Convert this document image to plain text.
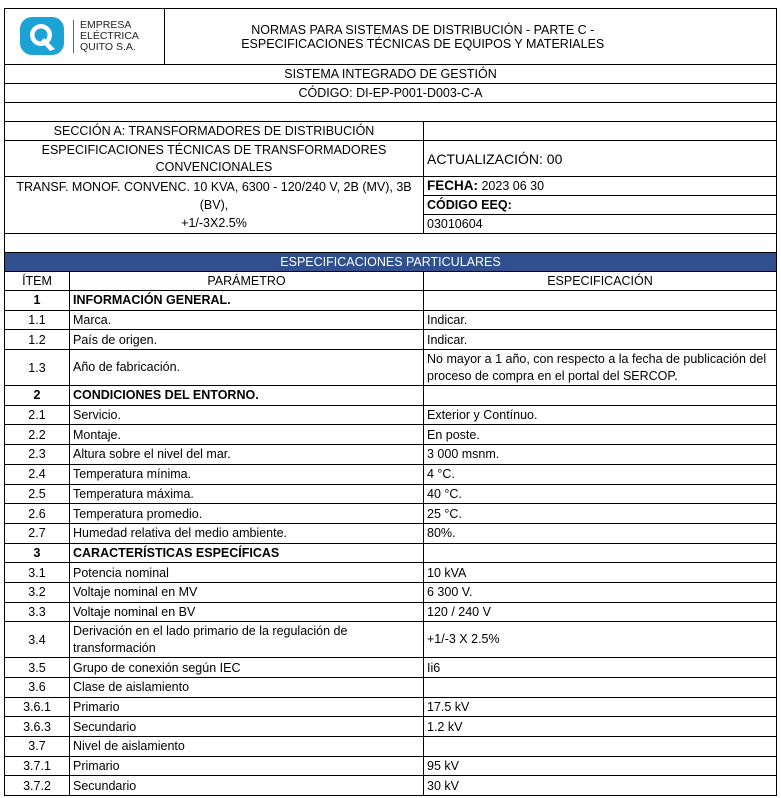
	NORMAS PARA SISTEMAS DE DISTRIBUCIÓN - PARTE C -
ESPECIFICACIONES TÉCNICAS DE EQUIPOS Y MATERIALES	

SISTEMA INTEGRADO DE GESTIÓN		
CÓDIGO: DI-EP-P001-D003-C-A		

SECCIÓN A: TRANSFORMADORES DE DISTRIBUCIÓN		

ESPECIFICACIONES TÉCNICAS DE TRANSFORMADORES
CONVENCIONALES		ACTUALIZACIÓN: 00

TRANSF. MONOF. CONVENC. 10 KVA, 6300 - 120/240 V, 2B (MV), 3B (BV),
+1/-3X2.5%		FECHA: 2023 06 30
		CÓDIGO EEQ:
		03010604

ESPECIFICACIONES PARTICULARES		
ÍTEM	PARÁMETRO	ESPECIFICACIÓN
1	INFORMACIÓN GENERAL.	
1.1	Marca.	Indicar.
1.2	País de origen.	Indicar.
1.3	Año de fabricación.	No mayor a 1 año, con respecto a la fecha de publicación del proceso de compra en el portal del SERCOP.
2	CONDICIONES DEL ENTORNO.	
2.1	Servicio.	Exterior y Contínuo.
2.2	Montaje.	En poste.
2.3	Altura sobre el nivel del mar.	3 000 msnm.
2.4	Temperatura mínima.	4 °C.
2.5	Temperatura máxima.	40 °C.
2.6	Temperatura promedio.	25 °C.
2.7	Humedad relativa del medio ambiente.	80%.
3	CARACTERÍSTICAS ESPECÍFICAS	
3.1	Potencia nominal	10 kVA
3.2	Voltaje nominal en MV	6 300 V.
3.3	Voltaje nominal en BV	120 / 240 V
3.4	Derivación en el lado primario de la regulación de transformación	+1/-3 X 2.5%
3.5	Grupo de conexión según IEC	Ii6
3.6	Clase de aislamiento	
3.6.1	Primario	17.5 kV
3.6.3	Secundario	1.2 kV
3.7	Nivel de aislamiento	
3.7.1	Primario	95 kV
3.7.2	Secundario	30 kV
EMPRESA
ELÉCTRICA
QUITO S.A.
